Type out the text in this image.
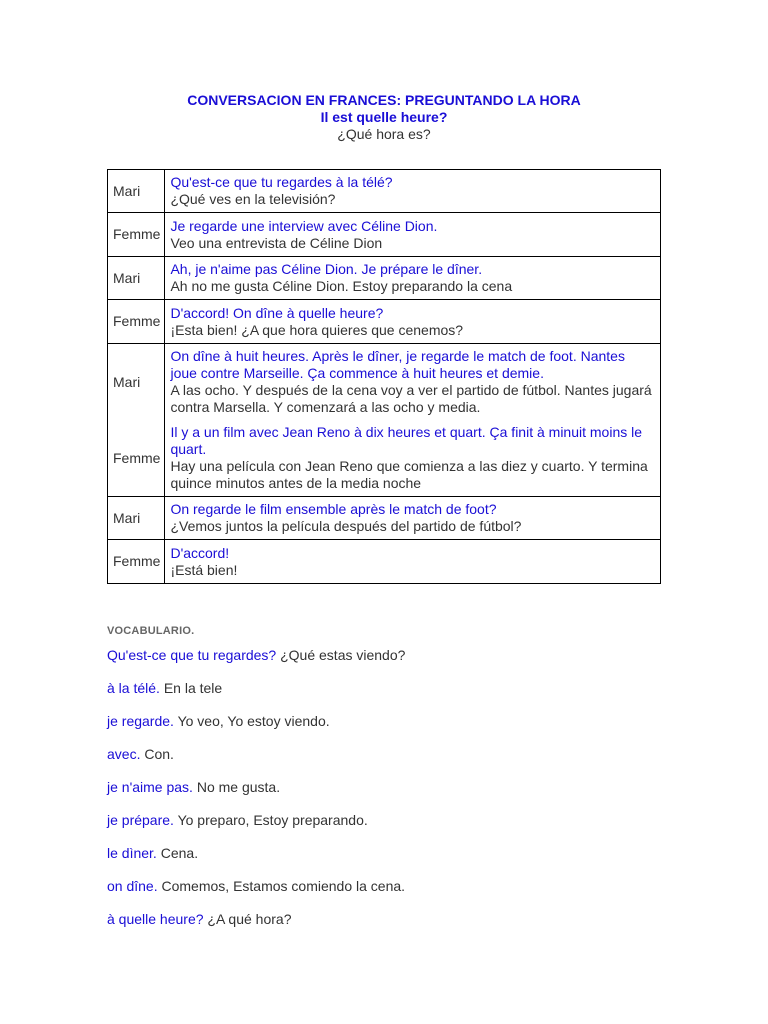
CONVERSACION EN FRANCES: PREGUNTANDO LA HORA
Il est quelle heure?
¿Qué hora es?
Mari	Qu'est-ce que tu regardes à la télé?
¿Qué ves en la televisión?

Femme	Je regarde une interview avec Céline Dion.
Veo una entrevista de Céline Dion

Mari	Ah, je n'aime pas Céline Dion. Je prépare le dîner.
Ah no me gusta Céline Dion. Estoy preparando la cena

Femme	D'accord! On dîne à quelle heure?
¡Esta bien! ¿A que hora quieres que cenemos?

Mari	On dîne à huit heures. Après le dîner, je regarde le match de foot. Nantes joue contre Marseille. Ça commence à huit heures et demie.
A las ocho. Y después de la cena voy a ver el partido de fútbol. Nantes jugará contra Marsella. Y comenzará a las ocho y media.

Femme	Il y a un film avec Jean Reno à dix heures et quart. Ça finit à minuit moins le quart.
Hay una película con Jean Reno que comienza a las diez y cuarto. Y termina quince minutos antes de la media noche

Mari	On regarde le film ensemble après le match de foot?
¿Vemos juntos la película después del partido de fútbol?

Femme	D'accord!
¡Está bien!
VOCABULARIO.
Qu'est-ce que tu regardes? ¿Qué estas viendo?
à la télé. En la tele
je regarde. Yo veo, Yo estoy viendo.
avec. Con.
je n'aime pas. No me gusta.
je prépare. Yo preparo, Estoy preparando.
le dìner. Cena.
on dîne. Comemos, Estamos comiendo la cena.
à quelle heure? ¿A qué hora?
